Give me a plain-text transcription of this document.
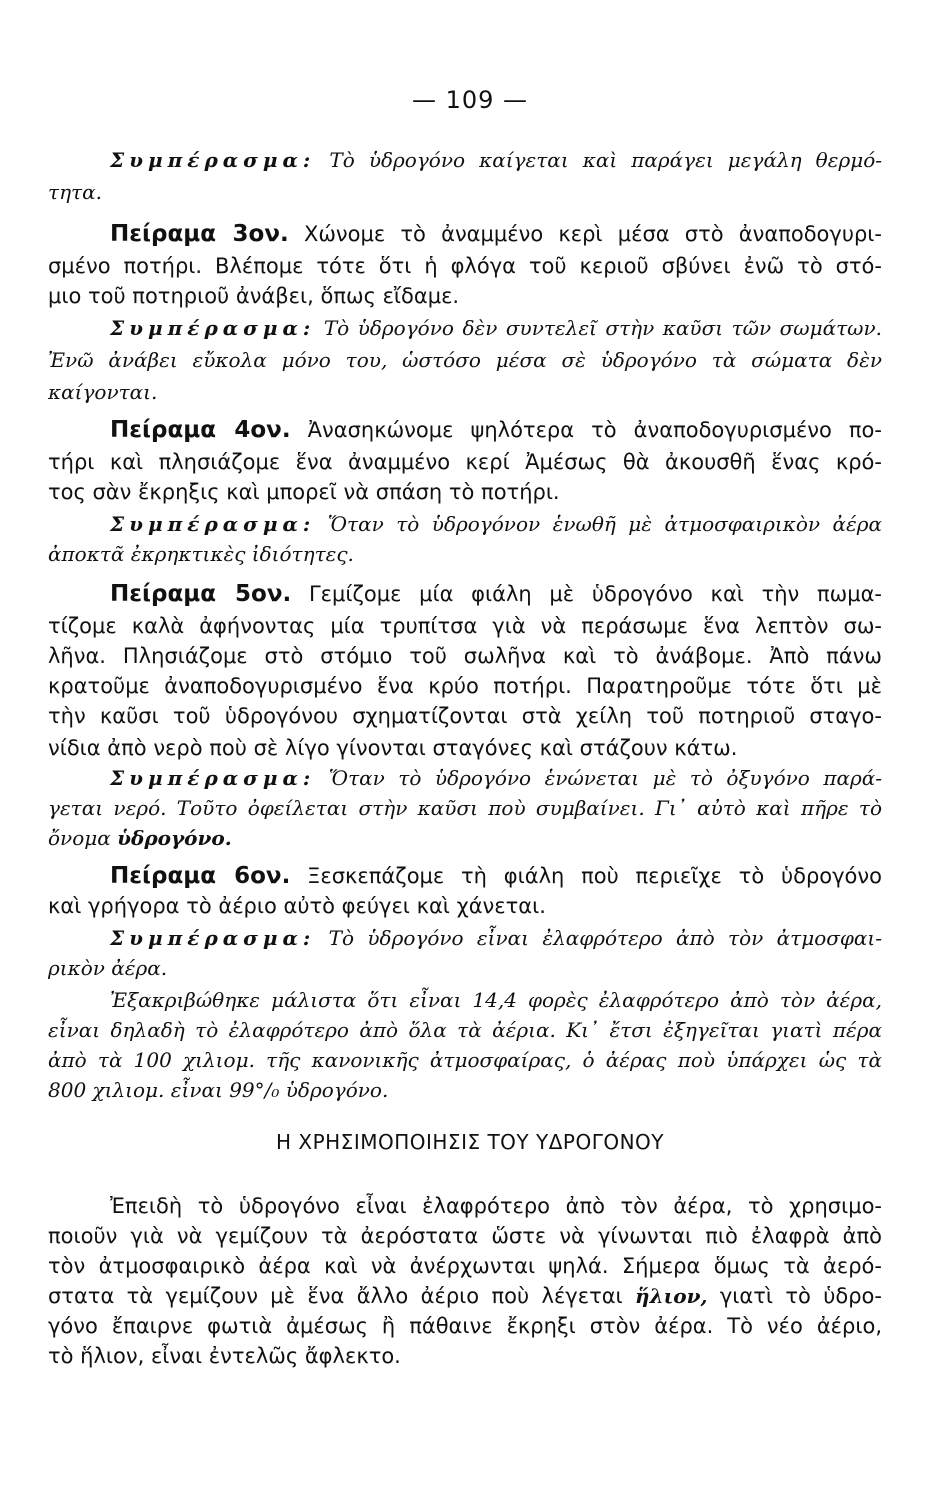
— 109 —
Συμπέρασμα: Τὸ ὑδρογόνο καίγεται καὶ παράγει μεγάλη θερμό-
τητα.
Πείραμα 3ον. Χώνομε τὸ ἀναμμένο κερὶ μέσα στὸ ἀναποδογυρι-
σμένο ποτήρι. Βλέπομε τότε ὅτι ἡ φλόγα τοῦ κεριοῦ σβύνει ἐνῶ τὸ στό-
μιο τοῦ ποτηριοῦ ἀνάβει, ὅπως εἴδαμε.
Συμπέρασμα: Τὸ ὑδρογόνο δὲν συντελεῖ στὴν καῦσι τῶν σωμάτων.
Ἐνῶ ἀνάβει εὔκολα μόνο του, ὡστόσο μέσα σὲ ὑδρογόνο τὰ σώματα δὲν
καίγονται.
Πείραμα 4ον. Ἀνασηκώνομε ψηλότερα τὸ ἀναποδογυρισμένο πο-
τήρι καὶ πλησιάζομε ἕνα ἀναμμένο κερί Ἀμέσως θὰ ἀκουσθῆ ἕνας κρό-
τος σὰν ἔκρηξις καὶ μπορεῖ νὰ σπάση τὸ ποτήρι.
Συμπέρασμα: Ὅταν τὸ ὑδρογόνον ἑνωθῆ μὲ ἀτμοσφαιρικὸν ἀέρα
ἀποκτᾶ ἐκρηκτικὲς ἰδιότητες.
Πείραμα 5ον. Γεμίζομε μία φιάλη μὲ ὑδρογόνο καὶ τὴν πωμα-
τίζομε καλὰ ἀφήνοντας μία τρυπίτσα γιὰ νὰ περάσωμε ἕνα λεπτὸν σω-
λῆνα. Πλησιάζομε στὸ στόμιο τοῦ σωλῆνα καὶ τὸ ἀνάβομε. Ἀπὸ πάνω
κρατοῦμε ἀναποδογυρισμένο ἕνα κρύο ποτήρι. Παρατηροῦμε τότε ὅτι μὲ
τὴν καῦσι τοῦ ὑδρογόνου σχηματίζονται στὰ χείλη τοῦ ποτηριοῦ σταγο-
νίδια ἀπὸ νερὸ ποὺ σὲ λίγο γίνονται σταγόνες καὶ στάζουν κάτω.
Συμπέρασμα: Ὅταν τὸ ὑδρογόνο ἑνώνεται μὲ τὸ ὀξυγόνο παρά-
γεται νερό. Τοῦτο ὀφείλεται στὴν καῦσι ποὺ συμβαίνει. Γι᾽ αὐτὸ καὶ πῆρε τὸ
ὄνομα ὑδρογόνο.
Πείραμα 6ον. Ξεσκεπάζομε τὴ φιάλη ποὺ περιεῖχε τὸ ὑδρογόνο
καὶ γρήγορα τὸ ἀέριο αὐτὸ φεύγει καὶ χάνεται.
Συμπέρασμα: Τὸ ὑδρογόνο εἶναι ἐλαφρότερο ἀπὸ τὸν ἀτμοσφαι-
ρικὸν ἀέρα.
Ἐξακριβώθηκε μάλιστα ὅτι εἶναι 14,4 φορὲς ἐλαφρότερο ἀπὸ τὸν ἀέρα,
εἶναι δηλαδὴ τὸ ἐλαφρότερο ἀπὸ ὅλα τὰ ἀέρια. Κι᾽ ἔτσι ἐξηγεῖται γιατὶ πέρα
ἀπὸ τὰ 100 χιλιομ. τῆς κανονικῆς ἀτμοσφαίρας, ὁ ἀέρας ποὺ ὑπάρχει ὡς τὰ
800 χιλιομ. εἶναι 99°/₀ ὑδρογόνο.
Η ΧΡΗΣΙΜΟΠΟΙΗΣΙΣ ΤΟΥ ΥΔΡΟΓΟΝΟΥ
Ἐπειδὴ τὸ ὑδρογόνο εἶναι ἐλαφρότερο ἀπὸ τὸν ἀέρα, τὸ χρησιμο-
ποιοῦν γιὰ νὰ γεμίζουν τὰ ἀερόστατα ὥστε νὰ γίνωνται πιὸ ἐλαφρὰ ἀπὸ
τὸν ἀτμοσφαιρικὸ ἀέρα καὶ νὰ ἀνέρχωνται ψηλά. Σήμερα ὅμως τὰ ἀερό-
στατα τὰ γεμίζουν μὲ ἕνα ἄλλο ἀέριο ποὺ λέγεται ἥλιον, γιατὶ τὸ ὑδρο-
γόνο ἔπαιρνε φωτιὰ ἀμέσως ἢ πάθαινε ἔκρηξι στὸν ἀέρα. Τὸ νέο ἀέριο,
τὸ ἥλιον, εἶναι ἐντελῶς ἄφλεκτο.
